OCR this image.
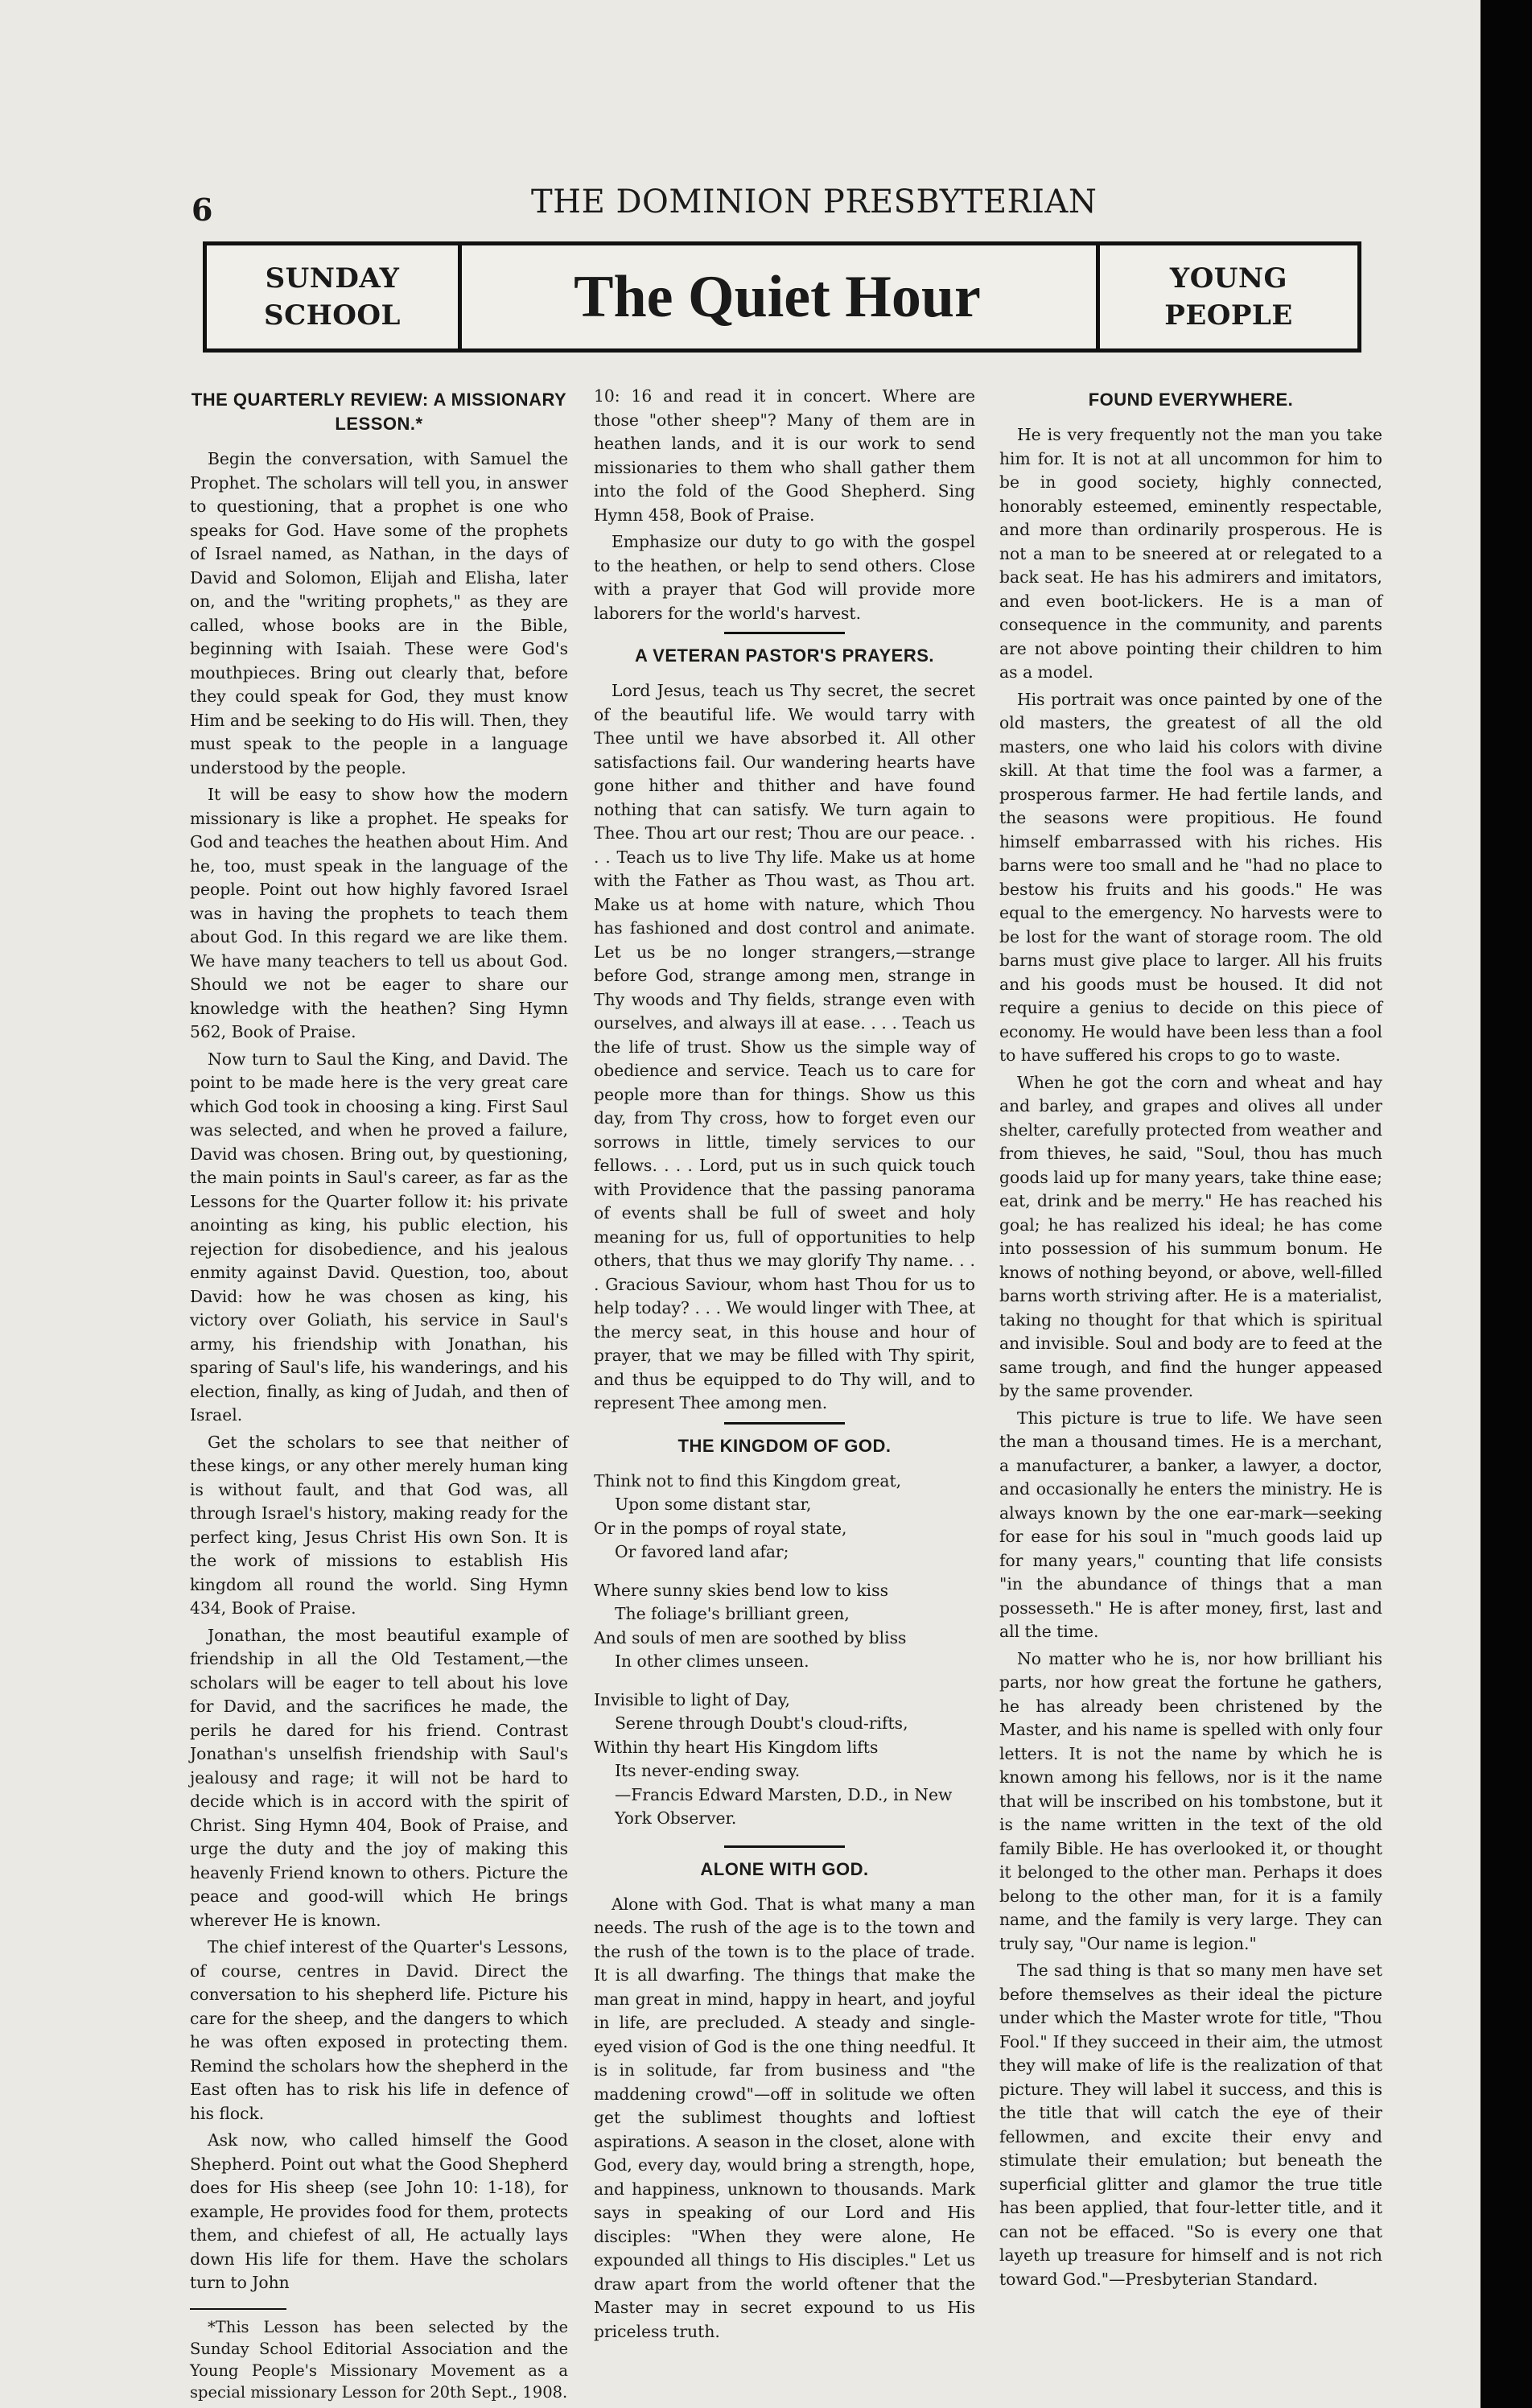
6	THE DOMINION PRESBYTERIAN
SUNDAY
SCHOOL	The Quiet Hour	YOUNG
PEOPLE
THE QUARTERLY REVIEW: A MISSIONARY LESSON.*

Begin the conversation, with Samuel the Prophet. The scholars will tell you, in answer to questioning, that a prophet is one who speaks for God. Have some of the prophets of Israel named, as Nathan, in the days of David and Solomon, Elijah and Elisha, later on, and the "writing prophets," as they are called, whose books are in the Bible, beginning with Isaiah. These were God's mouthpieces. Bring out clearly that, before they could speak for God, they must know Him and be seeking to do His will. Then, they must speak to the people in a language understood by the people.

It will be easy to show how the modern missionary is like a prophet. He speaks for God and teaches the heathen about Him. And he, too, must speak in the language of the people. Point out how highly favored Israel was in having the prophets to teach them about God. In this regard we are like them. We have many teachers to tell us about God. Should we not be eager to share our knowledge with the heathen? Sing Hymn 562, Book of Praise.

Now turn to Saul the King, and David. The point to be made here is the very great care which God took in choosing a king. First Saul was selected, and when he proved a failure, David was chosen. Bring out, by questioning, the main points in Saul's career, as far as the Lessons for the Quarter follow it: his private anointing as king, his public election, his rejection for disobedience, and his jealous enmity against David. Question, too, about David: how he was chosen as king, his victory over Goliath, his service in Saul's army, his friendship with Jonathan, his sparing of Saul's life, his wanderings, and his election, finally, as king of Judah, and then of Israel.

Get the scholars to see that neither of these kings, or any other merely human king is without fault, and that God was, all through Israel's history, making ready for the perfect king, Jesus Christ His own Son. It is the work of missions to establish His kingdom all round the world. Sing Hymn 434, Book of Praise.

Jonathan, the most beautiful example of friendship in all the Old Testament,—the scholars will be eager to tell about his love for David, and the sacrifices he made, the perils he dared for his friend. Contrast Jonathan's unselfish friendship with Saul's jealousy and rage; it will not be hard to decide which is in accord with the spirit of Christ. Sing Hymn 404, Book of Praise, and urge the duty and the joy of making this heavenly Friend known to others. Picture the peace and good-will which He brings wherever He is known.

The chief interest of the Quarter's Lessons, of course, centres in David. Direct the conversation to his shepherd life. Picture his care for the sheep, and the dangers to which he was often exposed in protecting them. Remind the scholars how the shepherd in the East often has to risk his life in defence of his flock.

Ask now, who called himself the Good Shepherd. Point out what the Good Shepherd does for His sheep (see John 10: 1-18), for example, He provides food for them, protects them, and chiefest of all, He actually lays down His life for them. Have the scholars turn to John

*This Lesson has been selected by the Sunday School Editorial Association and the Young People's Missionary Movement as a special missionary Lesson for 20th Sept., 1908.

10: 16 and read it in concert. Where are those "other sheep"? Many of them are in heathen lands, and it is our work to send missionaries to them who shall gather them into the fold of the Good Shepherd. Sing Hymn 458, Book of Praise.

Emphasize our duty to go with the gospel to the heathen, or help to send others. Close with a prayer that God will provide more laborers for the world's harvest.

A VETERAN PASTOR'S PRAYERS.

Lord Jesus, teach us Thy secret, the secret of the beautiful life. We would tarry with Thee until we have absorbed it. All other satisfactions fail. Our wandering hearts have gone hither and thither and have found nothing that can satisfy. We turn again to Thee. Thou art our rest; Thou are our peace. . . . Teach us to live Thy life. Make us at home with the Father as Thou wast, as Thou art. Make us at home with nature, which Thou has fashioned and dost control and animate. Let us be no longer strangers,—strange before God, strange among men, strange in Thy woods and Thy fields, strange even with ourselves, and always ill at ease. . . . Teach us the life of trust. Show us the simple way of obedience and service. Teach us to care for people more than for things. Show us this day, from Thy cross, how to forget even our sorrows in little, timely services to our fellows. . . . Lord, put us in such quick touch with Providence that the passing panorama of events shall be full of sweet and holy meaning for us, full of opportunities to help others, that thus we may glorify Thy name. . . . Gracious Saviour, whom hast Thou for us to help today? . . . We would linger with Thee, at the mercy seat, in this house and hour of prayer, that we may be filled with Thy spirit, and thus be equipped to do Thy will, and to represent Thee among men.

THE KINGDOM OF GOD.

Think not to find this Kingdom great,

Upon some distant star,

Or in the pomps of royal state,

Or favored land afar;

Where sunny skies bend low to kiss

The foliage's brilliant green,

And souls of men are soothed by bliss

In other climes unseen.

Invisible to light of Day,

Serene through Doubt's cloud-rifts,

Within thy heart His Kingdom lifts

Its never-ending sway.

—Francis Edward Marsten, D.D., in New York Observer.

ALONE WITH GOD.

Alone with God. That is what many a man needs. The rush of the age is to the town and the rush of the town is to the place of trade. It is all dwarfing. The things that make the man great in mind, happy in heart, and joyful in life, are precluded. A steady and single-eyed vision of God is the one thing needful. It is in solitude, far from business and "the maddening crowd"—off in solitude we often get the sublimest thoughts and loftiest aspirations. A season in the closet, alone with God, every day, would bring a strength, hope, and happiness, unknown to thousands. Mark says in speaking of our Lord and His disciples: "When they were alone, He expounded all things to His disciples." Let us draw apart from the world oftener that the Master may in secret expound to us His priceless truth.

FOUND EVERYWHERE.

He is very frequently not the man you take him for. It is not at all uncommon for him to be in good society, highly connected, honorably esteemed, eminently respectable, and more than ordinarily prosperous. He is not a man to be sneered at or relegated to a back seat. He has his admirers and imitators, and even boot-lickers. He is a man of consequence in the community, and parents are not above pointing their children to him as a model.

His portrait was once painted by one of the old masters, the greatest of all the old masters, one who laid his colors with divine skill. At that time the fool was a farmer, a prosperous farmer. He had fertile lands, and the seasons were propitious. He found himself embarrassed with his riches. His barns were too small and he "had no place to bestow his fruits and his goods." He was equal to the emergency. No harvests were to be lost for the want of storage room. The old barns must give place to larger. All his fruits and his goods must be housed. It did not require a genius to decide on this piece of economy. He would have been less than a fool to have suffered his crops to go to waste.

When he got the corn and wheat and hay and barley, and grapes and olives all under shelter, carefully protected from weather and from thieves, he said, "Soul, thou has much goods laid up for many years, take thine ease; eat, drink and be merry." He has reached his goal; he has realized his ideal; he has come into possession of his summum bonum. He knows of nothing beyond, or above, well-filled barns worth striving after. He is a materialist, taking no thought for that which is spiritual and invisible. Soul and body are to feed at the same trough, and find the hunger appeased by the same provender.

This picture is true to life. We have seen the man a thousand times. He is a merchant, a manufacturer, a banker, a lawyer, a doctor, and occasionally he enters the ministry. He is always known by the one ear-mark—seeking for ease for his soul in "much goods laid up for many years," counting that life consists "in the abundance of things that a man possesseth." He is after money, first, last and all the time.

No matter who he is, nor how brilliant his parts, nor how great the fortune he gathers, he has already been christened by the Master, and his name is spelled with only four letters. It is not the name by which he is known among his fellows, nor is it the name that will be inscribed on his tombstone, but it is the name written in the text of the old family Bible. He has overlooked it, or thought it belonged to the other man. Perhaps it does belong to the other man, for it is a family name, and the family is very large. They can truly say, "Our name is legion."

The sad thing is that so many men have set before themselves as their ideal the picture under which the Master wrote for title, "Thou Fool." If they succeed in their aim, the utmost they will make of life is the realization of that picture. They will label it success, and this is the title that will catch the eye of their fellowmen, and excite their envy and stimulate their emulation; but beneath the superficial glitter and glamor the true title has been applied, that four-letter title, and it can not be effaced. "So is every one that layeth up treasure for himself and is not rich toward God."—Presbyterian Standard.
